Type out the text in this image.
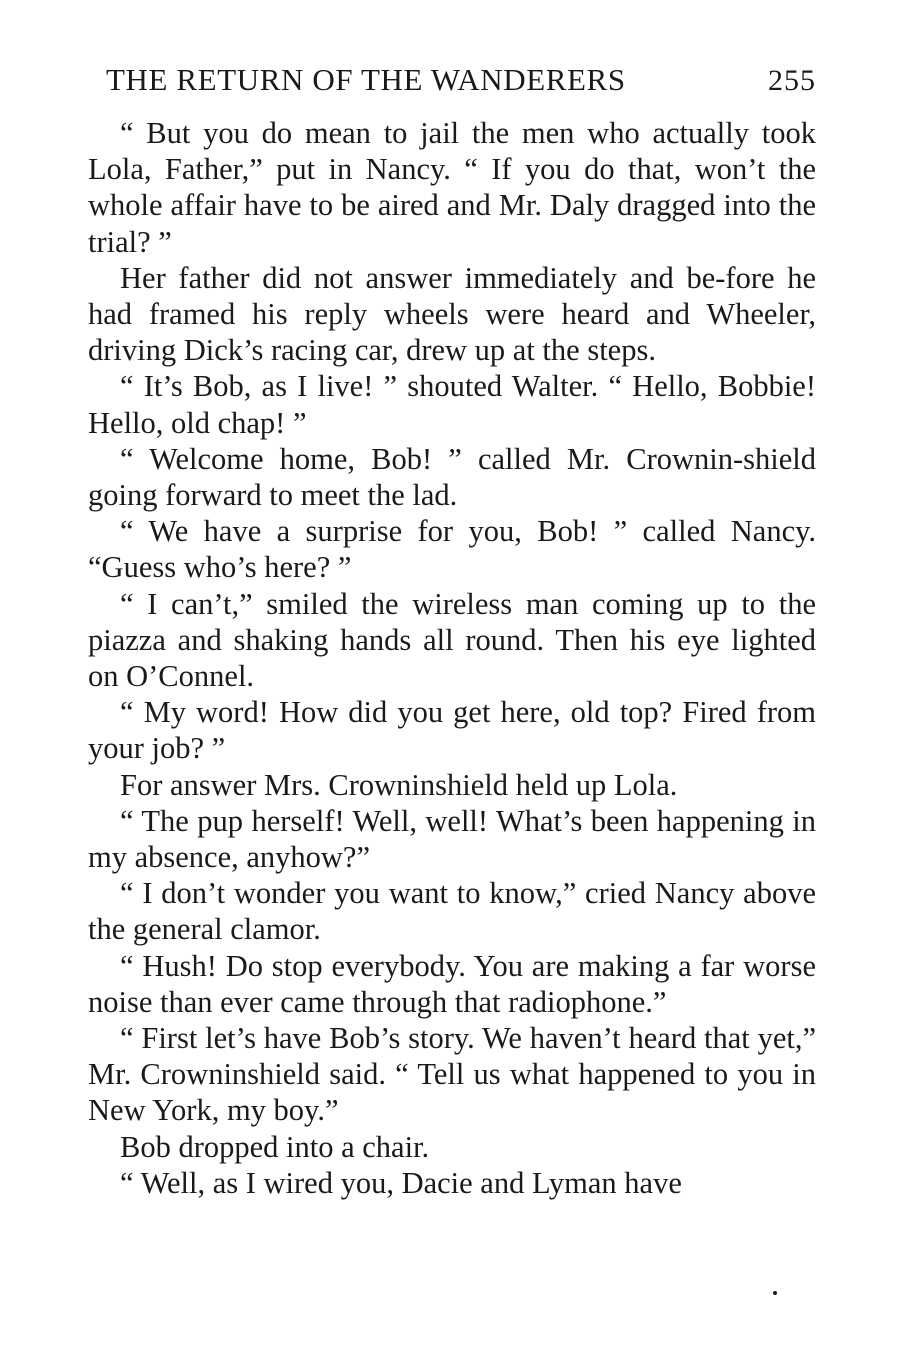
THE RETURN OF THE WANDERERS	255

“ But you do mean to jail the men who actually took Lola, Father,” put in Nancy. “ If you do that, won’t the whole affair have to be aired and Mr. Daly dragged into the trial? ”

Her father did not answer immediately and be-fore he had framed his reply wheels were heard and Wheeler, driving Dick’s racing car, drew up at the steps.

“ It’s Bob, as I live! ” shouted Walter. “ Hello, Bobbie! Hello, old chap! ”

“ Welcome home, Bob! ” called Mr. Crownin-shield going forward to meet the lad.

“ We have a surprise for you, Bob! ” called Nancy. “Guess who’s here? ”

“ I can’t,” smiled the wireless man coming up to the piazza and shaking hands all round. Then his eye lighted on O’Connel.

“ My word! How did you get here, old top? Fired from your job? ”

For answer Mrs. Crowninshield held up Lola.

“ The pup herself! Well, well! What’s been happening in my absence, anyhow?”

“ I don’t wonder you want to know,” cried Nancy above the general clamor.

“ Hush! Do stop everybody. You are making a far worse noise than ever came through that radiophone.”

“ First let’s have Bob’s story. We haven’t heard that yet,” Mr. Crowninshield said. “ Tell us what happened to you in New York, my boy.”

Bob dropped into a chair.

“ Well, as I wired you, Dacie and Lyman have
